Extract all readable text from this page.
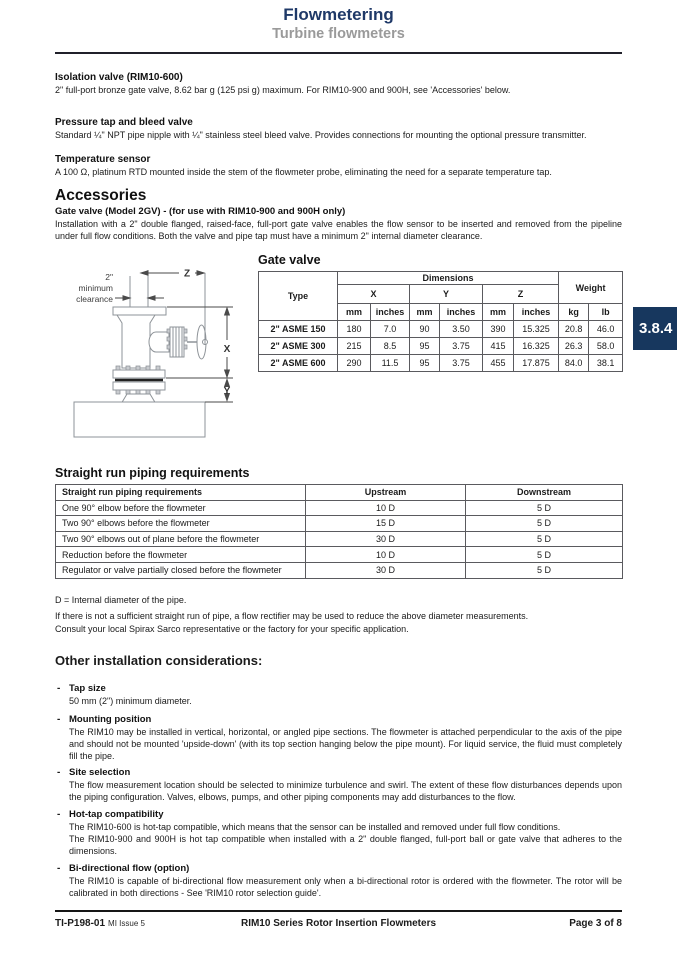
Flowmetering
Turbine flowmeters
Isolation valve (RIM10-600)
2" full-port bronze gate valve, 8.62 bar g (125 psi g) maximum. For RIM10-900 and 900H, see 'Accessories' below.
Pressure tap and bleed valve
Standard ¼" NPT pipe nipple with ¼" stainless steel bleed valve. Provides connections for mounting the optional pressure transmitter.
Temperature sensor
A 100 Ω, platinum RTD mounted inside the stem of the flowmeter probe, eliminating the need for a separate temperature tap.
Accessories
Gate valve (Model 2GV) - (for use with RIM10-900 and 900H only)
Installation with a 2" double flanged, raised-face, full-port gate valve enables the flow sensor to be inserted and removed from the pipeline under full flow conditions. Both the valve and pipe tap must have a minimum 2" internal diameter clearance.
2"
minimum
clearance
Z
X
Y
Gate valve
Type	Dimensions						Weight	
	X		Y		Z			
	mm	inches	mm	inches	mm	inches	kg	lb
2" ASME 150	180	7.0	90	3.50	390	15.325	20.8	46.0
2" ASME 300	215	8.5	95	3.75	415	16.325	26.3	58.0
2" ASME 600	290	11.5	95	3.75	455	17.875	84.0	38.1
3.8.4
Straight run piping requirements
Straight run piping requirements	Upstream	Downstream
One 90° elbow before the flowmeter	10 D	5 D
Two 90° elbows before the flowmeter	15 D	5 D
Two 90° elbows out of plane before the flowmeter	30 D	5 D
Reduction before the flowmeter	10 D	5 D
Regulator or valve partially closed before the flowmeter	30 D	5 D
D = Internal diameter of the pipe.
If there is not a sufficient straight run of pipe, a flow rectifier may be used to reduce the above diameter measurements.
Consult your local Spirax Sarco representative or the factory for your specific application.
Other installation considerations:
- Tap size
50 mm (2") minimum diameter.
- Mounting position
The RIM10 may be installed in vertical, horizontal, or angled pipe sections. The flowmeter is attached perpendicular to the axis of the pipe and should not be mounted 'upside-down' (with its top section hanging below the pipe mount). For liquid service, the fluid must completely fill the pipe.
- Site selection
The flow measurement location should be selected to minimize turbulence and swirl. The extent of these flow disturbances depends upon the piping configuration. Valves, elbows, pumps, and other piping components may add disturbances to the flow.
- Hot-tap compatibility
The RIM10-600 is hot-tap compatible, which means that the sensor can be installed and removed under full flow conditions.
The RIM10-900 and 900H is hot tap compatible when installed with a 2" double flanged, full-port ball or gate valve that adheres to the dimensions.
- Bi-directional flow (option)
The RIM10 is capable of bi-directional flow measurement only when a bi-directional rotor is ordered with the flowmeter. The rotor will be calibrated in both directions - See 'RIM10 rotor selection guide'.
TI-P198-01 MI Issue 5	RIM10 Series Rotor Insertion Flowmeters	Page 3 of 8
